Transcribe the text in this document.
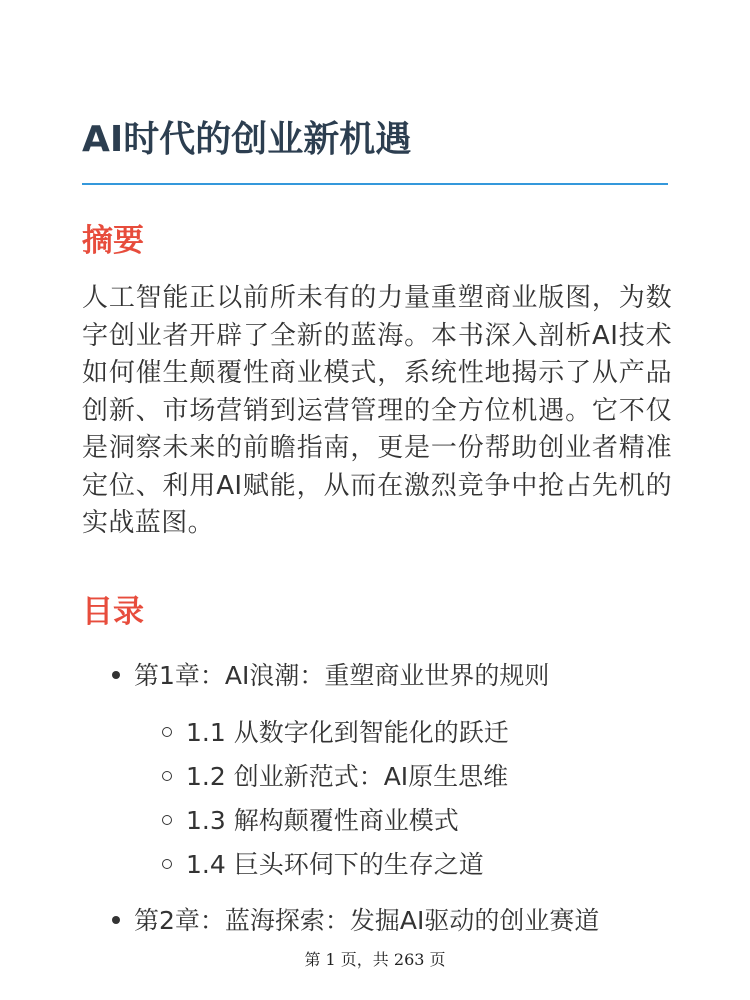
AI时代的创业新机遇
摘要

人工智能正以前所未有的力量重塑商业版图，为数字创业者开辟了全新的蓝海。本书深入剖析AI技术如何催生颠覆性商业模式，系统性地揭示了从产品创新、市场营销到运营管理的全方位机遇。它不仅是洞察未来的前瞻指南，更是一份帮助创业者精准定位、利用AI赋能，从而在激烈竞争中抢占先机的实战蓝图。

目录
第1章：AI浪潮：重塑商业世界的规则
1.1 从数字化到智能化的跃迁
1.2 创业新范式：AI原生思维
1.3 解构颠覆性商业模式
1.4 巨头环伺下的生存之道
第2章：蓝海探索：发掘AI驱动的创业赛道
第 1 页，共 263 页
